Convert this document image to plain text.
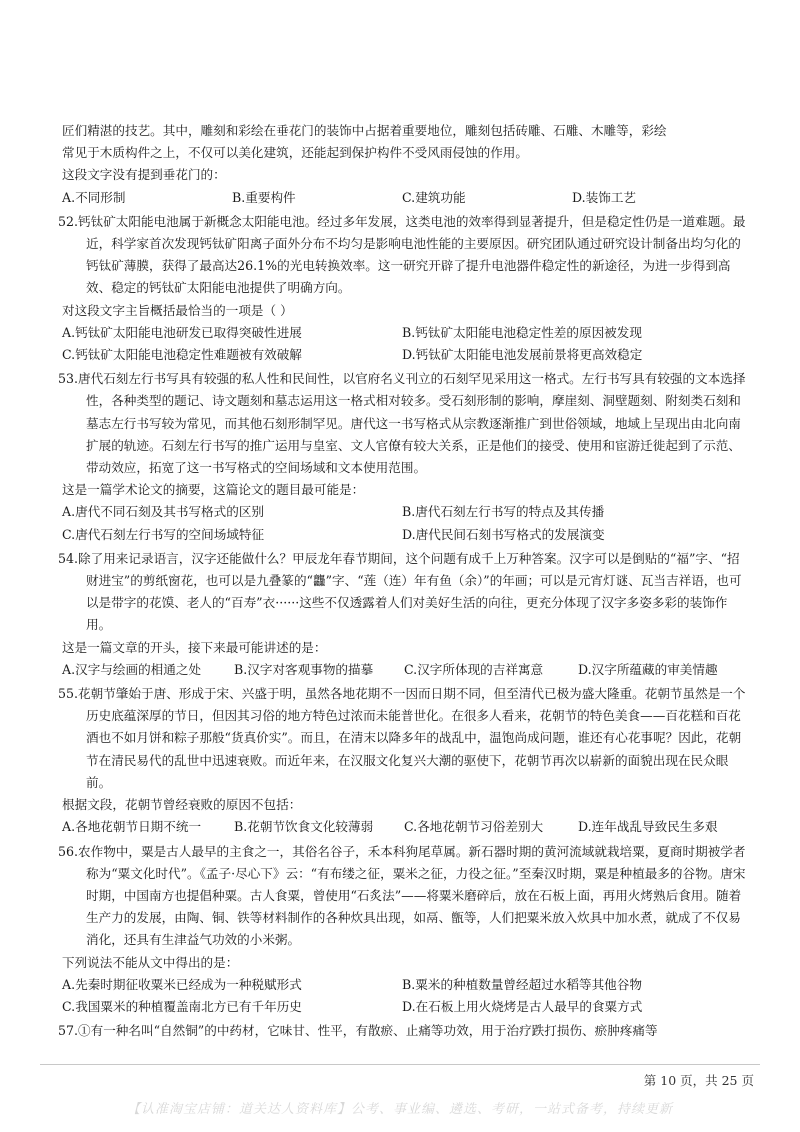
匠们精湛的技艺。其中，雕刻和彩绘在垂花门的装饰中占据着重要地位，雕刻包括砖雕、石雕、木雕等，彩绘

常见于木质构件之上，不仅可以美化建筑，还能起到保护构件不受风雨侵蚀的作用。

这段文字没有提到垂花门的：

A.不同形制	B.重要构件	C.建筑功能	D.装饰工艺

52.钙钛矿太阳能电池属于新概念太阳能电池。经过多年发展，这类电池的效率得到显著提升，但是稳定性仍是一道难题。最近，科学家首次发现钙钛矿阳离子面外分布不均匀是影响电池性能的主要原因。研究团队通过研究设计制备出均匀化的钙钛矿薄膜，获得了最高达26.1%的光电转换效率。这一研究开辟了提升电池器件稳定性的新途径，为进一步得到高效、稳定的钙钛矿太阳能电池提供了明确方向。

对这段文字主旨概括最恰当的一项是（ ）

A.钙钛矿太阳能电池研发已取得突破性进展	B.钙钛矿太阳能电池稳定性差的原因被发现
C.钙钛矿太阳能电池稳定性难题被有效破解	D.钙钛矿太阳能电池发展前景将更高效稳定

53.唐代石刻左行书写具有较强的私人性和民间性，以官府名义刊立的石刻罕见采用这一格式。左行书写具有较强的文本选择性，各种类型的题记、诗文题刻和墓志运用这一格式相对较多。受石刻形制的影响，摩崖刻、洞壁题刻、附刻类石刻和墓志左行书写较为常见，而其他石刻形制罕见。唐代这一书写格式从宗教逐渐推广到世俗领域，地域上呈现出由北向南扩展的轨迹。石刻左行书写的推广运用与皇室、文人官僚有较大关系，正是他们的接受、使用和宦游迁徙起到了示范、带动效应，拓宽了这一书写格式的空间场域和文本使用范围。

这是一篇学术论文的摘要，这篇论文的题目最可能是：

A.唐代不同石刻及其书写格式的区别	B.唐代石刻左行书写的特点及其传播
C.唐代石刻左行书写的空间场域特征	D.唐代民间石刻书写格式的发展演变

54.除了用来记录语言，汉字还能做什么？甲辰龙年春节期间，这个问题有成千上万种答案。汉字可以是倒贴的“福”字、“招财进宝”的剪纸窗花，也可以是九叠篆的“龘”字、“莲（连）年有鱼（余）”的年画；可以是元宵灯谜、瓦当吉祥语，也可以是带字的花馍、老人的“百寿”衣······这些不仅透露着人们对美好生活的向往，更充分体现了汉字多姿多彩的装饰作用。

这是一篇文章的开头，接下来最可能讲述的是：

A.汉字与绘画的相通之处	B.汉字对客观事物的描摹	C.汉字所体现的吉祥寓意	D.汉字所蕴藏的审美情趣

55.花朝节肇始于唐、形成于宋、兴盛于明，虽然各地花期不一因而日期不同，但至清代已极为盛大隆重。花朝节虽然是一个历史底蕴深厚的节日，但因其习俗的地方特色过浓而未能普世化。在很多人看来，花朝节的特色美食——百花糕和百花酒也不如月饼和粽子那般“货真价实”。而且，在清末以降多年的战乱中，温饱尚成问题，谁还有心花事呢？因此，花朝节在清民易代的乱世中迅速衰败。而近年来，在汉服文化复兴大潮的驱使下，花朝节再次以崭新的面貌出现在民众眼前。

根据文段，花朝节曾经衰败的原因不包括：

A.各地花朝节日期不统一	B.花朝节饮食文化较薄弱	C.各地花朝节习俗差别大	D.连年战乱导致民生多艰

56.农作物中，粟是古人最早的主食之一，其俗名谷子，禾本科狗尾草属。新石器时期的黄河流域就栽培粟，夏商时期被学者称为“粟文化时代”。《孟子·尽心下》云：“有布缕之征，粟米之征，力役之征。”至秦汉时期，粟是种植最多的谷物。唐宋时期，中国南方也提倡种粟。古人食粟，曾使用“石炙法”——将粟米磨碎后，放在石板上面，再用火烤熟后食用。随着生产力的发展，由陶、铜、铁等材料制作的各种炊具出现，如鬲、甑等，人们把粟米放入炊具中加水煮，就成了不仅易消化，还具有生津益气功效的小米粥。

下列说法不能从文中得出的是：

A.先秦时期征收粟米已经成为一种税赋形式	B.粟米的种植数量曾经超过水稻等其他谷物
C.我国粟米的种植覆盖南北方已有千年历史	D.在石板上用火烧烤是古人最早的食粟方式

57.①有一种名叫“自然铜”的中药材，它味甘、性平，有散瘀、止痛等功效，用于治疗跌打损伤、瘀肿疼痛等

第 10 页，共 25 页
【认准淘宝店铺：道关达人资料库】公考、事业编、遴选、考研，一站式备考，持续更新
